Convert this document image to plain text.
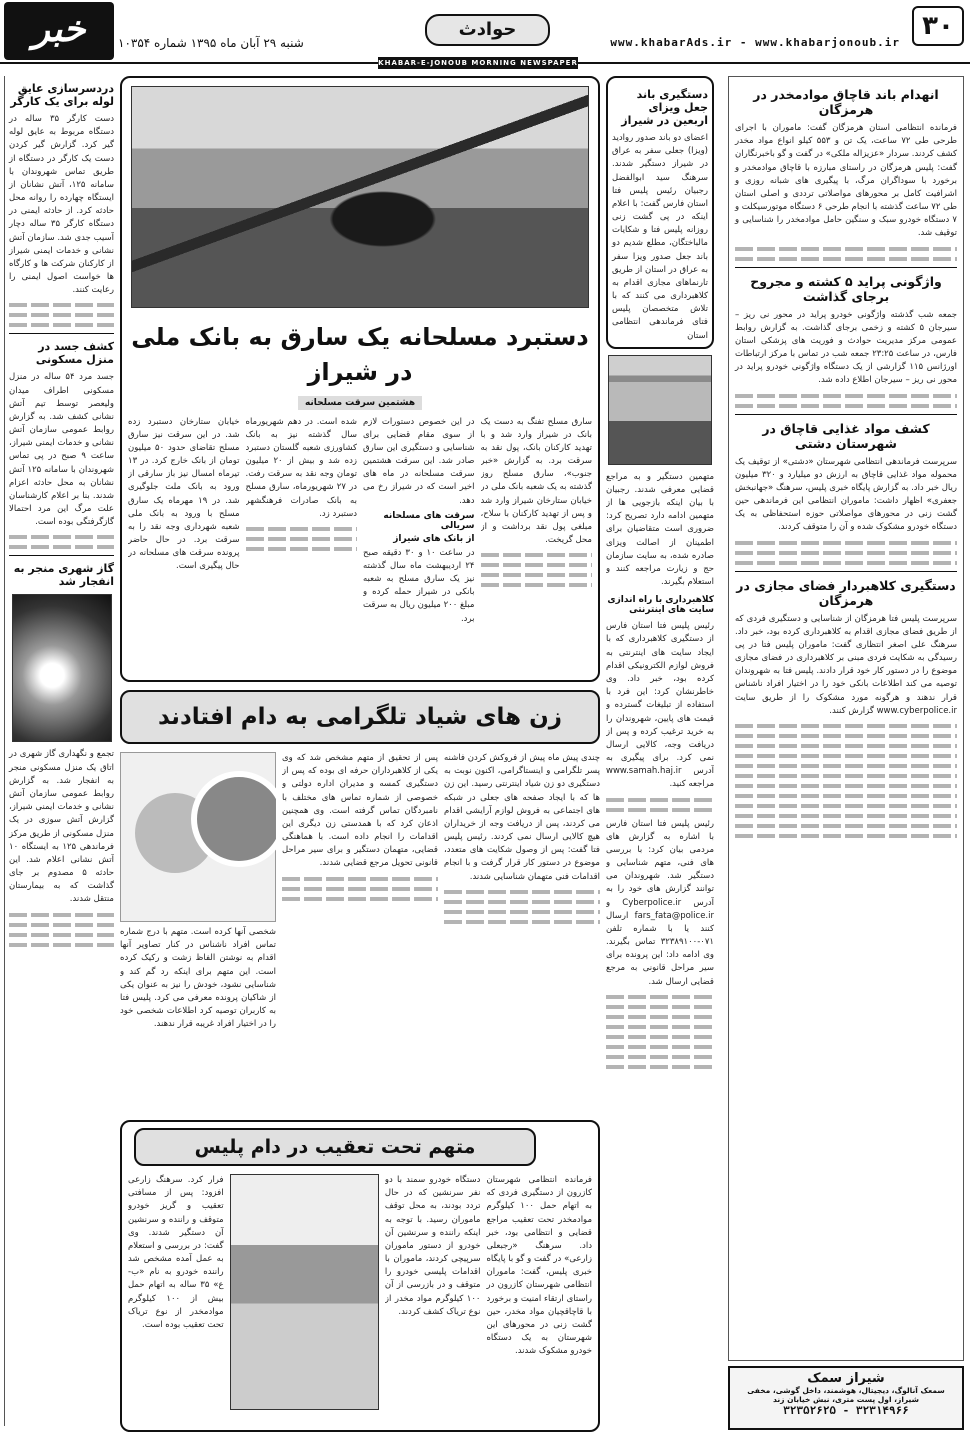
۳۰
www.khabarAds.ir - www.khabarjonoub.ir
حوادث
شنبه ۲۹ آبان ماه ۱۳۹۵ شماره ۱۰۳۵۴
خبر
KHABAR-E-JONOUB MORNING NEWSPAPER
انهدام باند قاچاق موادمخدر در هرمزگان

فرمانده انتظامی استان هرمزگان گفت: ماموران با اجرای طرحی طی ۷۲ ساعت، یک تن و ۵۵۳ کیلو انواع مواد مخدر کشف کردند. سردار «عزیزاله ملکی» در گفت و گو باخبرنگاران گفت: پلیس هرمزگان در راستای مبارزه با قاچاق موادمخدر و برخورد با سوداگران مرگ، با پیگیری های شبانه روزی و اشرافیت کامل بر محورهای مواصلاتی ترددی و اصلی استان طی ۷۲ ساعت گذشته با انجام طرحی ۶ دستگاه موتورسیکلت و ۷ دستگاه خودرو سبک و سنگین حامل موادمخدر را شناسایی و توقیف شد.

واژگونی پراید ۵ کشته و مجروح برجای گذاشت

جمعه شب گذشته واژگونی خودرو پراید در محور نی ریز – سیرجان ۵ کشته و زخمی برجای گذاشت. به گزارش روابط عمومی مرکز مدیریت حوادث و فوریت های پزشکی استان فارس، در ساعت ۲۳:۲۵ جمعه شب در تماس با مرکز ارتباطات اورژانس ۱۱۵ گزارشی از یک دستگاه واژگونی خودرو پراید در محور نی ریز – سیرجان اطلاع داده شد.

کشف مواد غذایی قاچاق در شهرستان دشتی

سرپرست فرماندهی انتظامی شهرستان «دشتی» از توقیف یک محموله مواد غذایی قاچاق به ارزش دو میلیارد و ۳۲۰ میلیون ریال خبر داد. به گزارش پایگاه خبری پلیس، سرهنگ «جهانبخش جعفری» اظهار داشت: ماموران انتظامی این فرماندهی حین گشت زنی در محورهای مواصلاتی حوزه استحفاظی به یک دستگاه خودرو مشکوک شده و آن را متوقف کردند.

دستگیری کلاهبردار فضای مجازی در هرمزگان

سرپرست پلیس فتا هرمزگان از شناسایی و دستگیری فردی که از طریق فضای مجازی اقدام به کلاهبرداری کرده بود، خبر داد. سرهنگ علی اصغر انتظاری گفت: ماموران پلیس فتا در پی رسیدگی به شکایت فردی مبنی بر کلاهبرداری در فضای مجازی موضوع را در دستور کار خود قرار دادند. پلیس فتا به شهروندان توصیه می کند اطلاعات بانکی خود را در اختیار افراد ناشناس قرار ندهند و هرگونه مورد مشکوک را از طریق سایت www.cyberpolice.ir گزارش کنند.

دستگیری باند جعل ویزای اربعین در شیراز

اعضای دو باند صدور روادید (ویزا) جعلی سفر به عراق در شیراز دستگیر شدند. سرهنگ سید ابوالفضل رجبیان رئیس پلیس فتا استان فارس گفت: با اعلام اینکه در پی گشت زنی روزانه پلیس فتا و شکایات مالباختگان، مطلع شدیم دو باند جعل صدور ویزا سفر به عراق در استان از طریق تارنماهای مجازی اقدام به کلاهبرداری می کنند که با تلاش متخصصان پلیس فتای فرماندهی انتظامی استان

متهمین دستگیر و به مراجع قضایی معرفی شدند. رجبیان با بیان اینکه بازجویی ها از متهمین ادامه دارد تصریح کرد: ضروری است متقاضیان برای اطمینان از اصالت ویزای صادره شده، به سایت سازمان حج و زیارت مراجعه کنند و استعلام بگیرند.

کلاهبرداری با راه اندازی سایت های اینترنتی

رئیس پلیس فتا استان فارس از دستگیری کلاهبرداری که با ایجاد سایت های اینترنتی به فروش لوازم الکترونیکی اقدام کرده بود، خبر داد. وی خاطرنشان کرد: این فرد با استفاده از تبلیغات گسترده و قیمت های پایین، شهروندان را به خرید ترغیب کرده و پس از دریافت وجه، کالایی ارسال نمی کرد. برای پیگیری به آدرس www.samah.haj.ir مراجعه کنید.

رئیس پلیس فتا استان فارس با اشاره به گزارش های مردمی بیان کرد: با بررسی های فنی، متهم شناسایی و دستگیر شد. شهروندان می توانند گزارش های خود را به آدرس Cyberpolice.ir و fars_fata@police.ir ارسال کنند یا با شماره تلفن ۰۷۱-۳۲۳۸۹۱۰۰ تماس بگیرند. وی ادامه داد: این پرونده برای سیر مراحل قانونی به مرجع قضایی ارسال شد.

دستبرد مسلحانه یک سارق به بانک ملی در شیراز
هشتمین سرقت مسلحانه

سارق مسلح تفنگ به دست یک بانک در شیراز وارد شد و با تهدید کارکنان بانک، پول نقد به سرقت برد. به گزارش «خبر جنوب»، سارق مسلح روز گذشته به یک شعبه بانک ملی در خیابان ستارخان شیراز وارد شد و پس از تهدید کارکنان با سلاح، مبلغی پول نقد برداشت و از محل گریخت.

در این خصوص دستورات لازم از سوی مقام قضایی برای شناسایی و دستگیری این سارق صادر شد. این سرقت هشتمین سرقت مسلحانه در ماه های اخیر است که در شیراز رخ می دهد.

سرقت های مسلحانه سریالی
از بانک های شیراز

در ساعت ۱۰ و ۳۰ دقیقه صبح ۲۴ اردیبهشت ماه سال گذشته نیز یک سارق مسلح به شعبه بانکی در شیراز حمله کرده و مبلغ ۲۰۰ میلیون ریال به سرقت برد.

شده است. در دهم شهریورماه سال گذشته نیز به بانک کشاورزی شعبه گلستان دستبرد زده شد و بیش از ۲۰ میلیون تومان وجه نقد به سرقت رفت. در ۲۷ شهریورماه، سارق مسلح به بانک صادرات فرهنگشهر دستبرد زد.

خیابان ستارخان دستبرد زده شد. در این سرقت نیز سارق مسلح تقاضای حدود ۵۰ میلیون تومان از بانک خارج کرد. در ۱۳ تیرماه امسال نیز باز سارقی از ورود به بانک ملت جلوگیری شد. در ۱۹ مهرماه یک سارق مسلح با ورود به بانک ملی شعبه شهرداری وجه نقد را به سرقت برد. در حال حاضر پرونده سرقت های مسلحانه در حال پیگیری است.

زن های شیاد تلگرامی به دام افتادند

چندی پیش ماه پیش از فروکش کردن فاشنه پسر تلگرامی و اینستاگرامی، اکنون نوبت به دستگیری دو زن شیاد اینترنتی رسید. این زن ها که با ایجاد صفحه های جعلی در شبکه های اجتماعی به فروش لوازم آرایشی اقدام می کردند، پس از دریافت وجه از خریداران هیچ کالایی ارسال نمی کردند. رئیس پلیس فتا گفت: پس از وصول شکایت های متعدد، موضوع در دستور کار قرار گرفت و با انجام اقدامات فنی متهمان شناسایی شدند.

پس از تحقیق از متهم مشخص شد که وی یکی از کلاهبرداران حرفه ای بوده که پس از دستگیری کمسه و مدیران اداره دولتی و خصوصی از شماره تماس های مختلف با نامبردگان تماس گرفته است. وی همچنین اذعان کرد که با همدستی زن دیگری این اقدامات را انجام داده است. با هماهنگی قضایی، متهمان دستگیر و برای سیر مراحل قانونی تحویل مرجع قضایی شدند.

شخصی آنها کرده است. متهم با درج شماره تماس افراد ناشناس در کنار تصاویر آنها اقدام به نوشتن الفاظ زشت و رکیک کرده است. این متهم برای اینکه رد گم کند و شناسایی نشود، خودش را نیز به عنوان یکی از شاکیان پرونده معرفی می کرد. پلیس فتا به کاربران توصیه کرد اطلاعات شخصی خود را در اختیار افراد غریبه قرار ندهند.

متهم تحت تعقیب در دام پلیس

فرمانده انتظامی شهرستان کازرون از دستگیری فردی که به اتهام حمل ۱۰۰ کیلوگرم موادمخدر تحت تعقیب مراجع قضایی و انتظامی بود، خبر داد. سرهنگ «رجبعلی زارعی» در گفت و گو با پایگاه خبری پلیس، گفت: ماموران انتظامی شهرستان کازرون در راستای ارتقاء امنیت و برخورد با قاچاقچیان مواد مخدر، حین گشت زنی در محورهای این شهرستان به یک دستگاه خودرو مشکوک شدند.

دستگاه خودرو سمند با دو نفر سرنشین که در حال تردد بودند، به محل توقف ماموران رسید. با توجه به اینکه راننده و سرنشین آن خودرو از دستور ماموران سرپیچی کردند، ماموران با اقدامات پلیسی خودرو را متوقف و در بازرسی از آن ۱۰۰ کیلوگرم مواد مخدر از نوع تریاک کشف کردند.

فرار کرد. سرهنگ زارعی افزود: پس از مسافتی تعقیب و گریز خودرو متوقف و راننده و سرنشین آن دستگیر شدند. وی گفت: در بررسی و استعلام به عمل آمده مشخص شد راننده خودرو به نام «ب-ع» ۳۵ ساله به اتهام حمل بیش از ۱۰۰ کیلوگرم موادمخدر از نوع تریاک تحت تعقیب بوده است.

دردسرسازی عایق لوله برای یک کارگر

دست کارگر ۳۵ ساله در دستگاه مربوط به عایق لوله گیر کرد. گزارش گیر کردن دست یک کارگر در دستگاه از طریق تماس شهروندان با سامانه ۱۲۵، آتش نشانان از ایستگاه چهارده را روانه محل حادثه کرد. از حادثه ایمنی در دستگاه کارگر ۳۵ ساله دچار آسیب جدی شد. سازمان آتش نشانی و خدمات ایمنی شیراز از کارکنان شرکت ها و کارگاه ها خواست اصول ایمنی را رعایت کنند.

کشف جسد در منزل مسکونی

جسد مرد ۵۴ ساله در منزل مسکونی اطراف میدان ولیعصر توسط تیم آتش نشانی کشف شد. به گزارش روابط عمومی سازمان آتش نشانی و خدمات ایمنی شیراز، ساعت ۹ صبح در پی تماس شهروندان با سامانه ۱۲۵ آتش نشانان به محل حادثه اعزام شدند. بنا بر اعلام کارشناسان علت مرگ این مرد احتمالا گازگرفتگی بوده است.

گاز شهری منجر به انفجار شد

تجمع و نگهداری گاز شهری در اتاق یک منزل مسکونی منجر به انفجار شد. به گزارش روابط عمومی سازمان آتش نشانی و خدمات ایمنی شیراز، گزارش آتش سوزی در یک منزل مسکونی از طریق مرکز فرماندهی ۱۲۵ به ایستگاه ۱۰ آتش نشانی اعلام شد. این حادثه ۵ مصدوم بر جای گذاشت که به بیمارستان منتقل شدند.

شیراز سمک
سمعک آنالوگ، دیجیتال، هوشمند، داخل گوشی، مخفی
شیراز، اول پست متری، نبش خیابان زند
۳۲۳۵۲۶۲۵ - ۳۲۳۱۴۹۶۶
